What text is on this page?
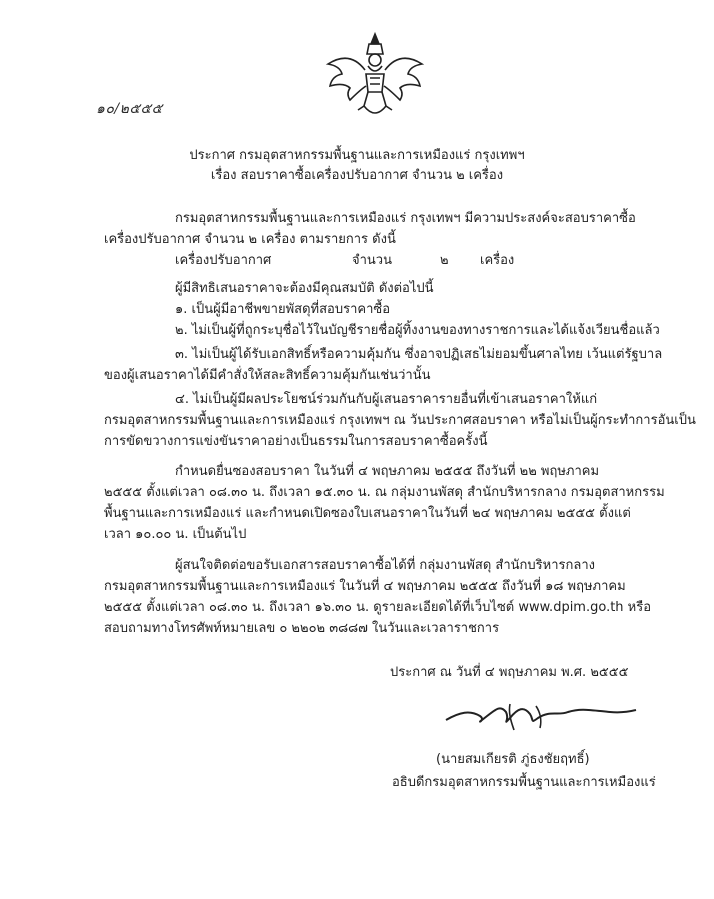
๑๐/๒๕๕๕
ประกาศ กรมอุตสาหกรรมพื้นฐานและการเหมืองแร่ กรุงเทพฯ
เรื่อง สอบราคาซื้อเครื่องปรับอากาศ จำนวน ๒ เครื่อง
กรมอุตสาหกรรมพื้นฐานและการเหมืองแร่ กรุงเทพฯ มีความประสงค์จะสอบราคาซื้อ
เครื่องปรับอากาศ จำนวน ๒ เครื่อง ตามรายการ ดังนี้
เครื่องปรับอากาศ	จำนวน	๒ เครื่อง
ผู้มีสิทธิเสนอราคาจะต้องมีคุณสมบัติ ดังต่อไปนี้
๑. เป็นผู้มีอาชีพขายพัสดุที่สอบราคาซื้อ
๒. ไม่เป็นผู้ที่ถูกระบุชื่อไว้ในบัญชีรายชื่อผู้ทิ้งงานของทางราชการและได้แจ้งเวียนชื่อแล้ว
๓. ไม่เป็นผู้ได้รับเอกสิทธิ์หรือความคุ้มกัน ซึ่งอาจปฏิเสธไม่ยอมขึ้นศาลไทย เว้นแต่รัฐบาล
ของผู้เสนอราคาได้มีคำสั่งให้สละสิทธิ์ความคุ้มกันเช่นว่านั้น
๔. ไม่เป็นผู้มีผลประโยชน์ร่วมกันกับผู้เสนอราคารายอื่นที่เข้าเสนอราคาให้แก่
กรมอุตสาหกรรมพื้นฐานและการเหมืองแร่ กรุงเทพฯ ณ วันประกาศสอบราคา หรือไม่เป็นผู้กระทำการอันเป็น
การขัดขวางการแข่งขันราคาอย่างเป็นธรรมในการสอบราคาซื้อครั้งนี้
กำหนดยื่นซองสอบราคา ในวันที่ ๔ พฤษภาคม ๒๕๕๕ ถึงวันที่ ๒๒ พฤษภาคม
๒๕๕๕ ตั้งแต่เวลา ๐๘.๓๐ น. ถึงเวลา ๑๕.๓๐ น. ณ กลุ่มงานพัสดุ สำนักบริหารกลาง กรมอุตสาหกรรม
พื้นฐานและการเหมืองแร่ และกำหนดเปิดซองใบเสนอราคาในวันที่ ๒๔ พฤษภาคม ๒๕๕๕ ตั้งแต่
เวลา ๑๐.๐๐ น. เป็นต้นไป
ผู้สนใจติดต่อขอรับเอกสารสอบราคาซื้อได้ที่ กลุ่มงานพัสดุ สำนักบริหารกลาง
กรมอุตสาหกรรมพื้นฐานและการเหมืองแร่ ในวันที่ ๔ พฤษภาคม ๒๕๕๕ ถึงวันที่ ๑๘ พฤษภาคม
๒๕๕๕ ตั้งแต่เวลา ๐๘.๓๐ น. ถึงเวลา ๑๖.๓๐ น. ดูรายละเอียดได้ที่เว็บไซต์ www.dpim.go.th หรือ
สอบถามทางโทรศัพท์หมายเลข ๐ ๒๒๐๒ ๓๘๘๗ ในวันและเวลาราชการ
ประกาศ ณ วันที่ ๔ พฤษภาคม พ.ศ. ๒๕๕๕
(นายสมเกียรติ ภู่ธงชัยฤทธิ์)
อธิบดีกรมอุตสาหกรรมพื้นฐานและการเหมืองแร่
